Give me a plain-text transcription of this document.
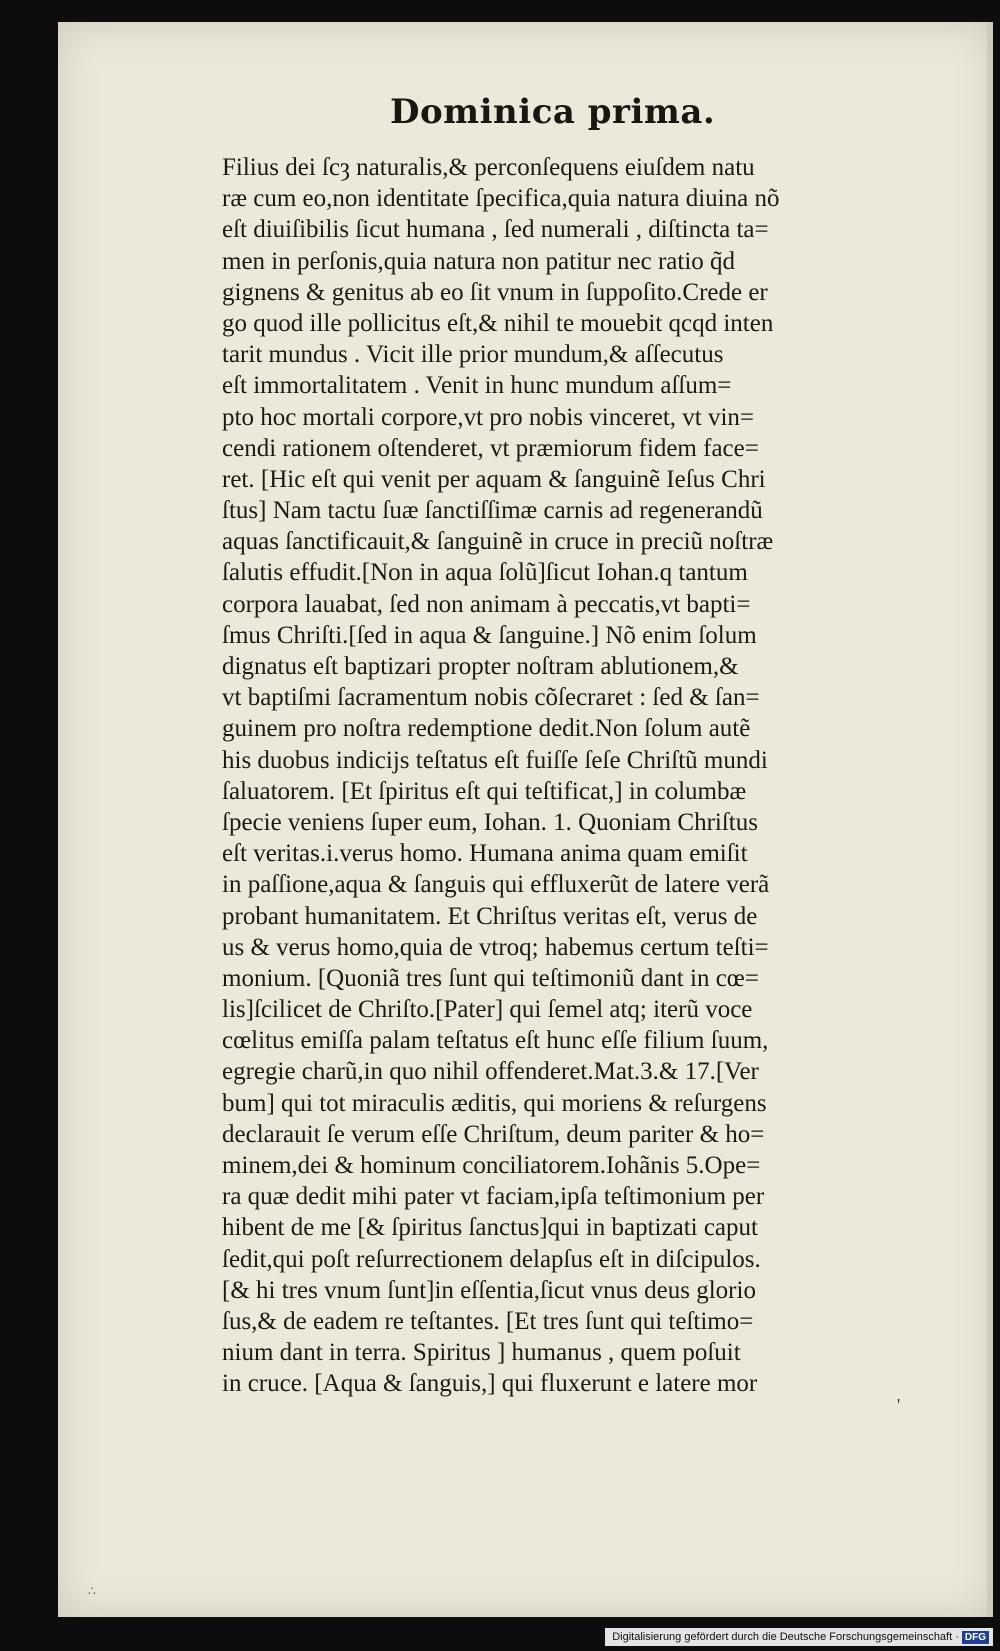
Dominica prima.
Filius dei ſcȝ naturalis,& perconſequens eiuſdem natu
ræ cum eo,non identitate ſpecifica,quia natura diuina nõ
eſt diuiſibilis ſicut humana , ſed numerali , diſtincta ta=
men in perſonis,quia natura non patitur nec ratio q̃d
gignens & genitus ab eo ſit vnum in ſuppoſito.Crede er
go quod ille pollicitus eſt,& nihil te mouebit qcqd inten
tarit mundus . Vicit ille prior mundum,& aſſecutus
eſt immortalitatem . Venit in hunc mundum aſſum=
pto hoc mortali corpore,vt pro nobis vinceret, vt vin=
cendi rationem oſtenderet, vt præmiorum fidem face=
ret. [Hic eſt qui venit per aquam & ſanguinẽ Ieſus Chri
ſtus] Nam tactu ſuæ ſanctiſſimæ carnis ad regenerandũ
aquas ſanctificauit,& ſanguinẽ in cruce in preciũ noſtræ
ſalutis effudit.[Non in aqua ſolũ]ſicut Iohan.q tantum
corpora lauabat, ſed non animam à peccatis,vt bapti=
ſmus Chriſti.[ſed in aqua & ſanguine.] Nõ enim ſolum
dignatus eſt baptizari propter noſtram ablutionem,&
vt baptiſmi ſacramentum nobis cõſecraret : ſed & ſan=
guinem pro noſtra redemptione dedit.Non ſolum autẽ
his duobus indicijs teſtatus eſt fuiſſe ſeſe Chriſtũ mundi
ſaluatorem. [Et ſpiritus eſt qui teſtificat,] in columbæ
ſpecie veniens ſuper eum, Iohan. 1. Quoniam Chriſtus
eſt veritas.i.verus homo. Humana anima quam emiſit
in paſſione,aqua & ſanguis qui effluxerũt de latere verã
probant humanitatem. Et Chriſtus veritas eſt, verus de
us & verus homo,quia de vtroq; habemus certum teſti=
monium. [Quoniã tres ſunt qui teſtimoniũ dant in cœ=
lis]ſcilicet de Chriſto.[Pater] qui ſemel atq; iterũ voce
cœlitus emiſſa palam teſtatus eſt hunc eſſe filium ſuum,
egregie charũ,in quo nihil offenderet.Mat.3.& 17.[Ver
bum] qui tot miraculis æditis, qui moriens & reſurgens
declarauit ſe verum eſſe Chriſtum, deum pariter & ho=
minem,dei & hominum conciliatorem.Iohãnis 5.Ope=
ra quæ dedit mihi pater vt faciam,ipſa teſtimonium per
hibent de me [& ſpiritus ſanctus]qui in baptizati caput
ſedit,qui poſt reſurrectionem delapſus eſt in diſcipulos.
[& hi tres vnum ſunt]in eſſentia,ſicut vnus deus glorio
ſus,& de eadem re teſtantes. [Et tres ſunt qui teſtimo=
nium dant in terra. Spiritus ] humanus , quem poſuit
in cruce. [Aqua & ſanguis,] qui fluxerunt e latere mor
'
∴
Digitalisierung gefördert durch die Deutsche Forschungsgemeinschaft · DFG
